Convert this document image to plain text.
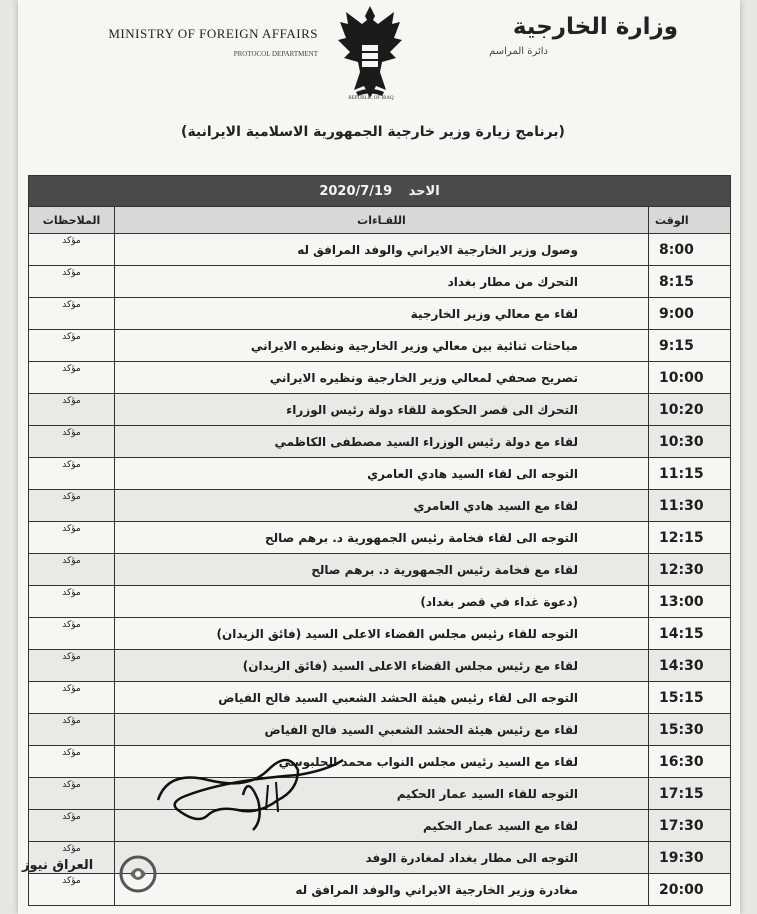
MINISTRY OF FOREIGN AFFAIRS
PROTOCOL DEPARTMENT
REPUBLIC OF IRAQ
وزارة الخارجية
دائرة المراسم
(برنامج زيارة وزير خارجية الجمهورية الاسلامية الايرانية)
الاحد 2020/7/19		
الملاحظات	اللقـاءات	الوقت
مؤكد	وصول وزير الخارجية الايراني والوفد المرافق له	8:00
مؤكد	التحرك من مطار بغداد	8:15
مؤكد	لقاء مع معالي وزير الخارجية	9:00
مؤكد	مباحثات ثنائية بين معالي وزير الخارجية ونظيره الايراني	9:15
مؤكد	تصريح صحفي لمعالي وزير الخارجية ونظيره الايراني	10:00
مؤكد	التحرك الى قصر الحكومة للقاء دولة رئيس الوزراء	10:20
مؤكد	لقاء مع دولة رئيس الوزراء السيد مصطفى الكاظمي	10:30
مؤكد	التوجه الى لقاء السيد هادي العامري	11:15
مؤكد	لقاء مع السيد هادي العامري	11:30
مؤكد	التوجه الى لقاء فخامة رئيس الجمهورية د. برهم صالح	12:15
مؤكد	لقاء مع فخامة رئيس الجمهورية د. برهم صالح	12:30
مؤكد	(دعوة غداء في قصر بغداد)	13:00
مؤكد	التوجه للقاء رئيس مجلس القضاء الاعلى السيد (فائق الزيدان)	14:15
مؤكد	لقاء مع رئيس مجلس القضاء الاعلى السيد (فائق الزيدان)	14:30
مؤكد	التوجه الى لقاء رئيس هيئة الحشد الشعبي السيد فالح الفياض	15:15
مؤكد	لقاء مع رئيس هيئة الحشد الشعبي السيد فالح الفياض	15:30
مؤكد	لقاء مع السيد رئيس مجلس النواب محمد الحلبوسي	16:30
مؤكد	التوجه للقاء السيد عمار الحكيم	17:15
مؤكد	لقاء مع السيد عمار الحكيم	17:30
مؤكد	التوجه الى مطار بغداد لمغادرة الوفد	19:30
مؤكد	مغادرة وزير الخارجية الايراني والوفد المرافق له	20:00
العراق نيوز
